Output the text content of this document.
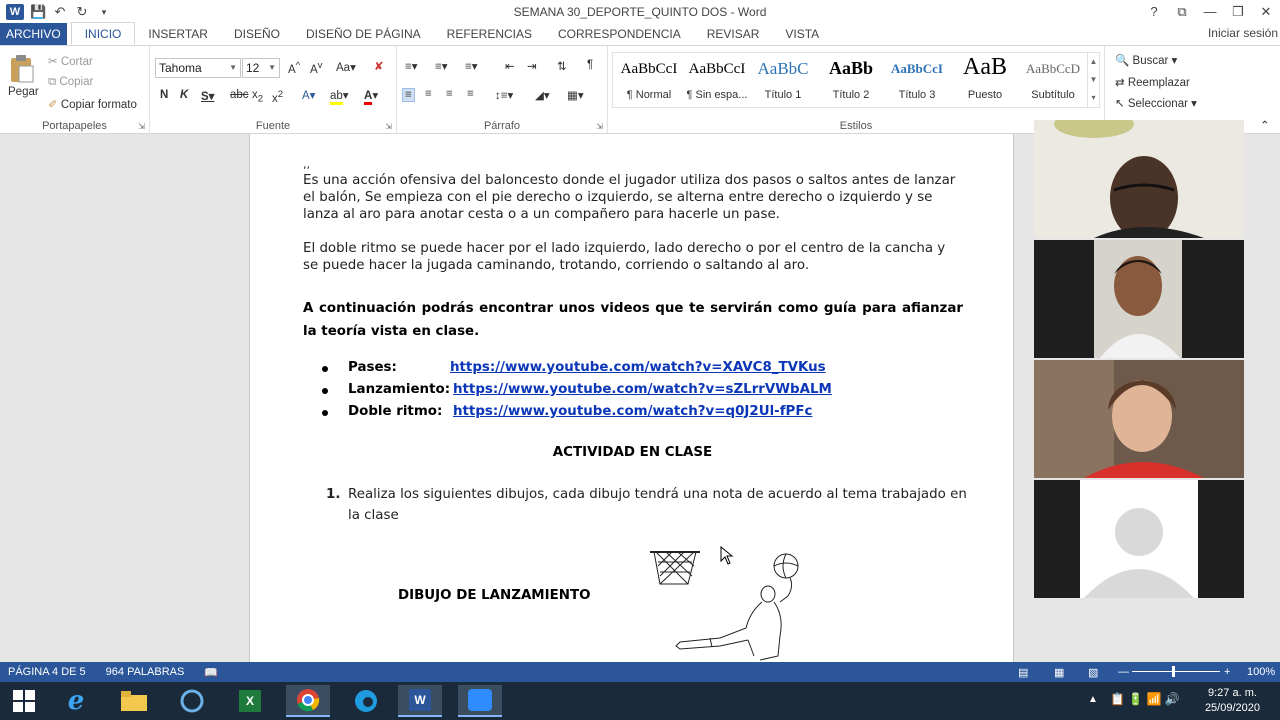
W 💾 ↶ ↻	▾	SEMANA 30_DEPORTE_QUINTO DOS - Word	?	⧉	—	❐	✕
ARCHIVO	INICIO	INSERTAR	DISEÑO	DISEÑO DE PÁGINA	REFERENCIAS	CORRESPONDENCIA	REVISAR	VISTA	Iniciar sesión
Pegar
✂ Cortar
⧉ Copiar
✐ Copiar formato
Portapapeles	⇲
Tahoma	▼ 12 ▼ A^ $A^v$ Aa▾ ✘
N K S▾ abc $x_2$ $x^2$ A▾ ab▾ A▾
Fuente	⇲
≡▾ ≡▾ ≡▾ ⇤ ⇥ ⇅ ¶
≡ ≡ ≡ ≡ ↕≡▾ ◢▾ ▦▾
Párrafo	⇲	Estilos
AaBbCcI
¶ Normal
AaBbCcI
¶ Sin espa...
AaBbC
Título 1
AaBb
Título 2
AaBbCcI
Título 3
AaB
Puesto
AaBbCcD
Subtítulo
▲
▼
▾
🔍 Buscar ▾
⇄ Reemplazar
↖ Seleccionar ▾
⌃
,,
Es una acción ofensiva del baloncesto donde el jugador utiliza dos pasos o saltos antes de lanzar el balón, Se empieza con el pie derecho o izquierdo, se alterna entre derecho o izquierdo y se lanza al aro para anotar cesta o a un compañero para hacerle un pase.
El doble ritmo se puede hacer por el lado izquierdo, lado derecho o por el centro de la cancha y se puede hacer la jugada caminando, trotando, corriendo o saltando al aro.
A continuación podrás encontrar unos videos que te servirán como guía para afianzar la teoría vista en clase.
Pases:	https://www.youtube.com/watch?v=XAVC8_TVKus
Lanzamiento: https://www.youtube.com/watch?v=sZLrrVWbALM
Doble ritmo: https://www.youtube.com/watch?v=q0J2Ul-fPFc
ACTIVIDAD EN CLASE
1. Realiza los siguientes dibujos, cada dibujo tendrá una nota de acuerdo al tema trabajado en la clase
DIBUJO DE LANZAMIENTO
PÁGINA 4 DE 5 964 PALABRAS 📖	▤ ▦ ▧ —	+ 100%
e	X	W	▲ 📋 🔋 📶 🔊	9:27 a. m.
25/09/2020
